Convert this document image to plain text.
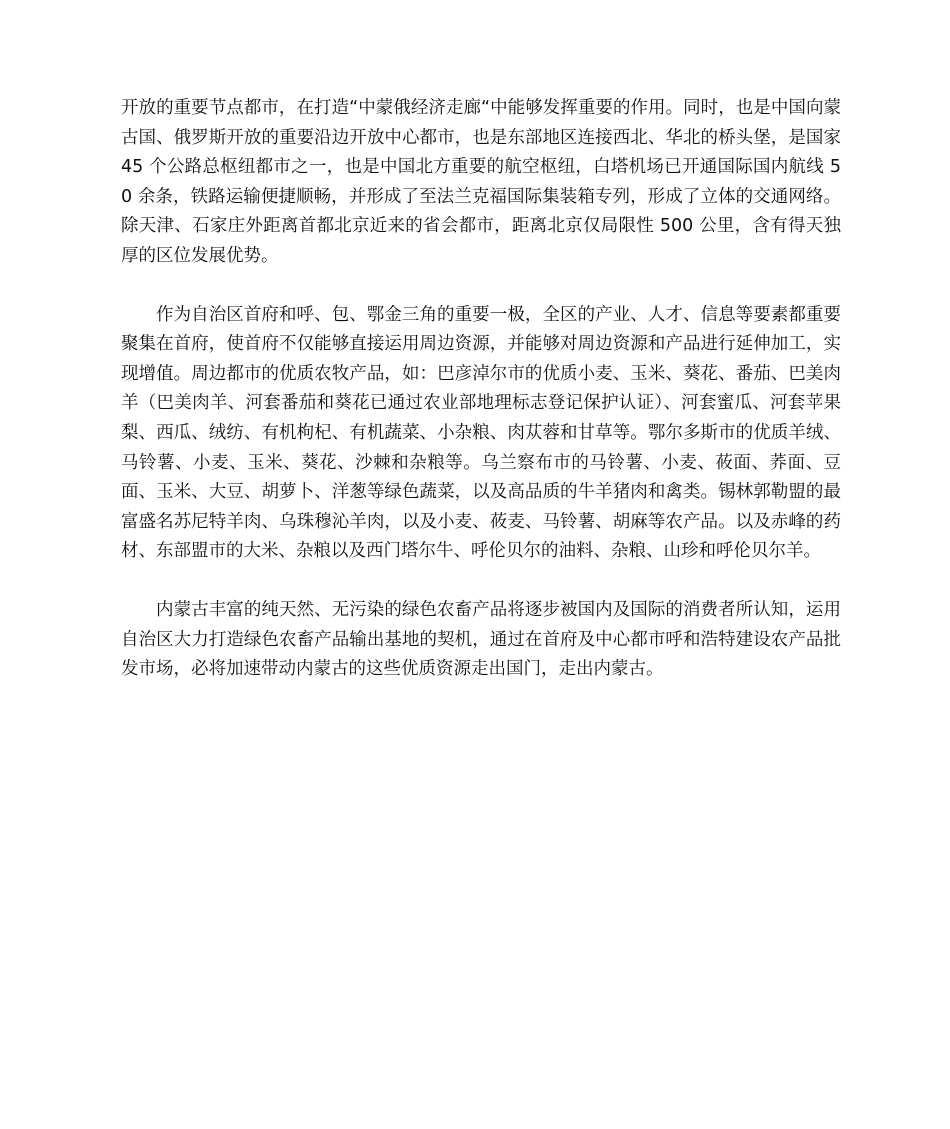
开放的重要节点都市，在打造“中蒙俄经济走廊“中能够发挥重要的作用。同时，也是中国向蒙古国、俄罗斯开放的重要沿边开放中心都市，也是东部地区连接西北、华北的桥头堡，是国家 45 个公路总枢纽都市之一，也是中国北方重要的航空枢纽，白塔机场已开通国际国内航线 50 余条，铁路运输便捷顺畅，并形成了至法兰克福国际集装箱专列，形成了立体的交通网络。除天津、石家庄外距离首都北京近来的省会都市，距离北京仅局限性 500 公里，含有得天独厚的区位发展优势。

作为自治区首府和呼、包、鄂金三角的重要一极，全区的产业、人才、信息等要素都重要聚集在首府，使首府不仅能够直接运用周边资源，并能够对周边资源和产品进行延伸加工，实现增值。周边都市的优质农牧产品，如：巴彦淖尔市的优质小麦、玉米、葵花、番茄、巴美肉羊（巴美肉羊、河套番茄和葵花已通过农业部地理标志登记保护认证）、河套蜜瓜、河套苹果梨、西瓜、绒纺、有机枸杞、有机蔬菜、小杂粮、肉苁蓉和甘草等。鄂尔多斯市的优质羊绒、马铃薯、小麦、玉米、葵花、沙棘和杂粮等。乌兰察布市的马铃薯、小麦、莜面、荞面、豆面、玉米、大豆、胡萝卜、洋葱等绿色蔬菜，以及高品质的牛羊猪肉和禽类。锡林郭勒盟的最富盛名苏尼特羊肉、乌珠穆沁羊肉，以及小麦、莜麦、马铃薯、胡麻等农产品。以及赤峰的药材、东部盟市的大米、杂粮以及西门塔尔牛、呼伦贝尔的油料、杂粮、山珍和呼伦贝尔羊。

内蒙古丰富的纯天然、无污染的绿色农畜产品将逐步被国内及国际的消费者所认知，运用自治区大力打造绿色农畜产品输出基地的契机，通过在首府及中心都市呼和浩特建设农产品批发市场，必将加速带动内蒙古的这些优质资源走出国门，走出内蒙古。
